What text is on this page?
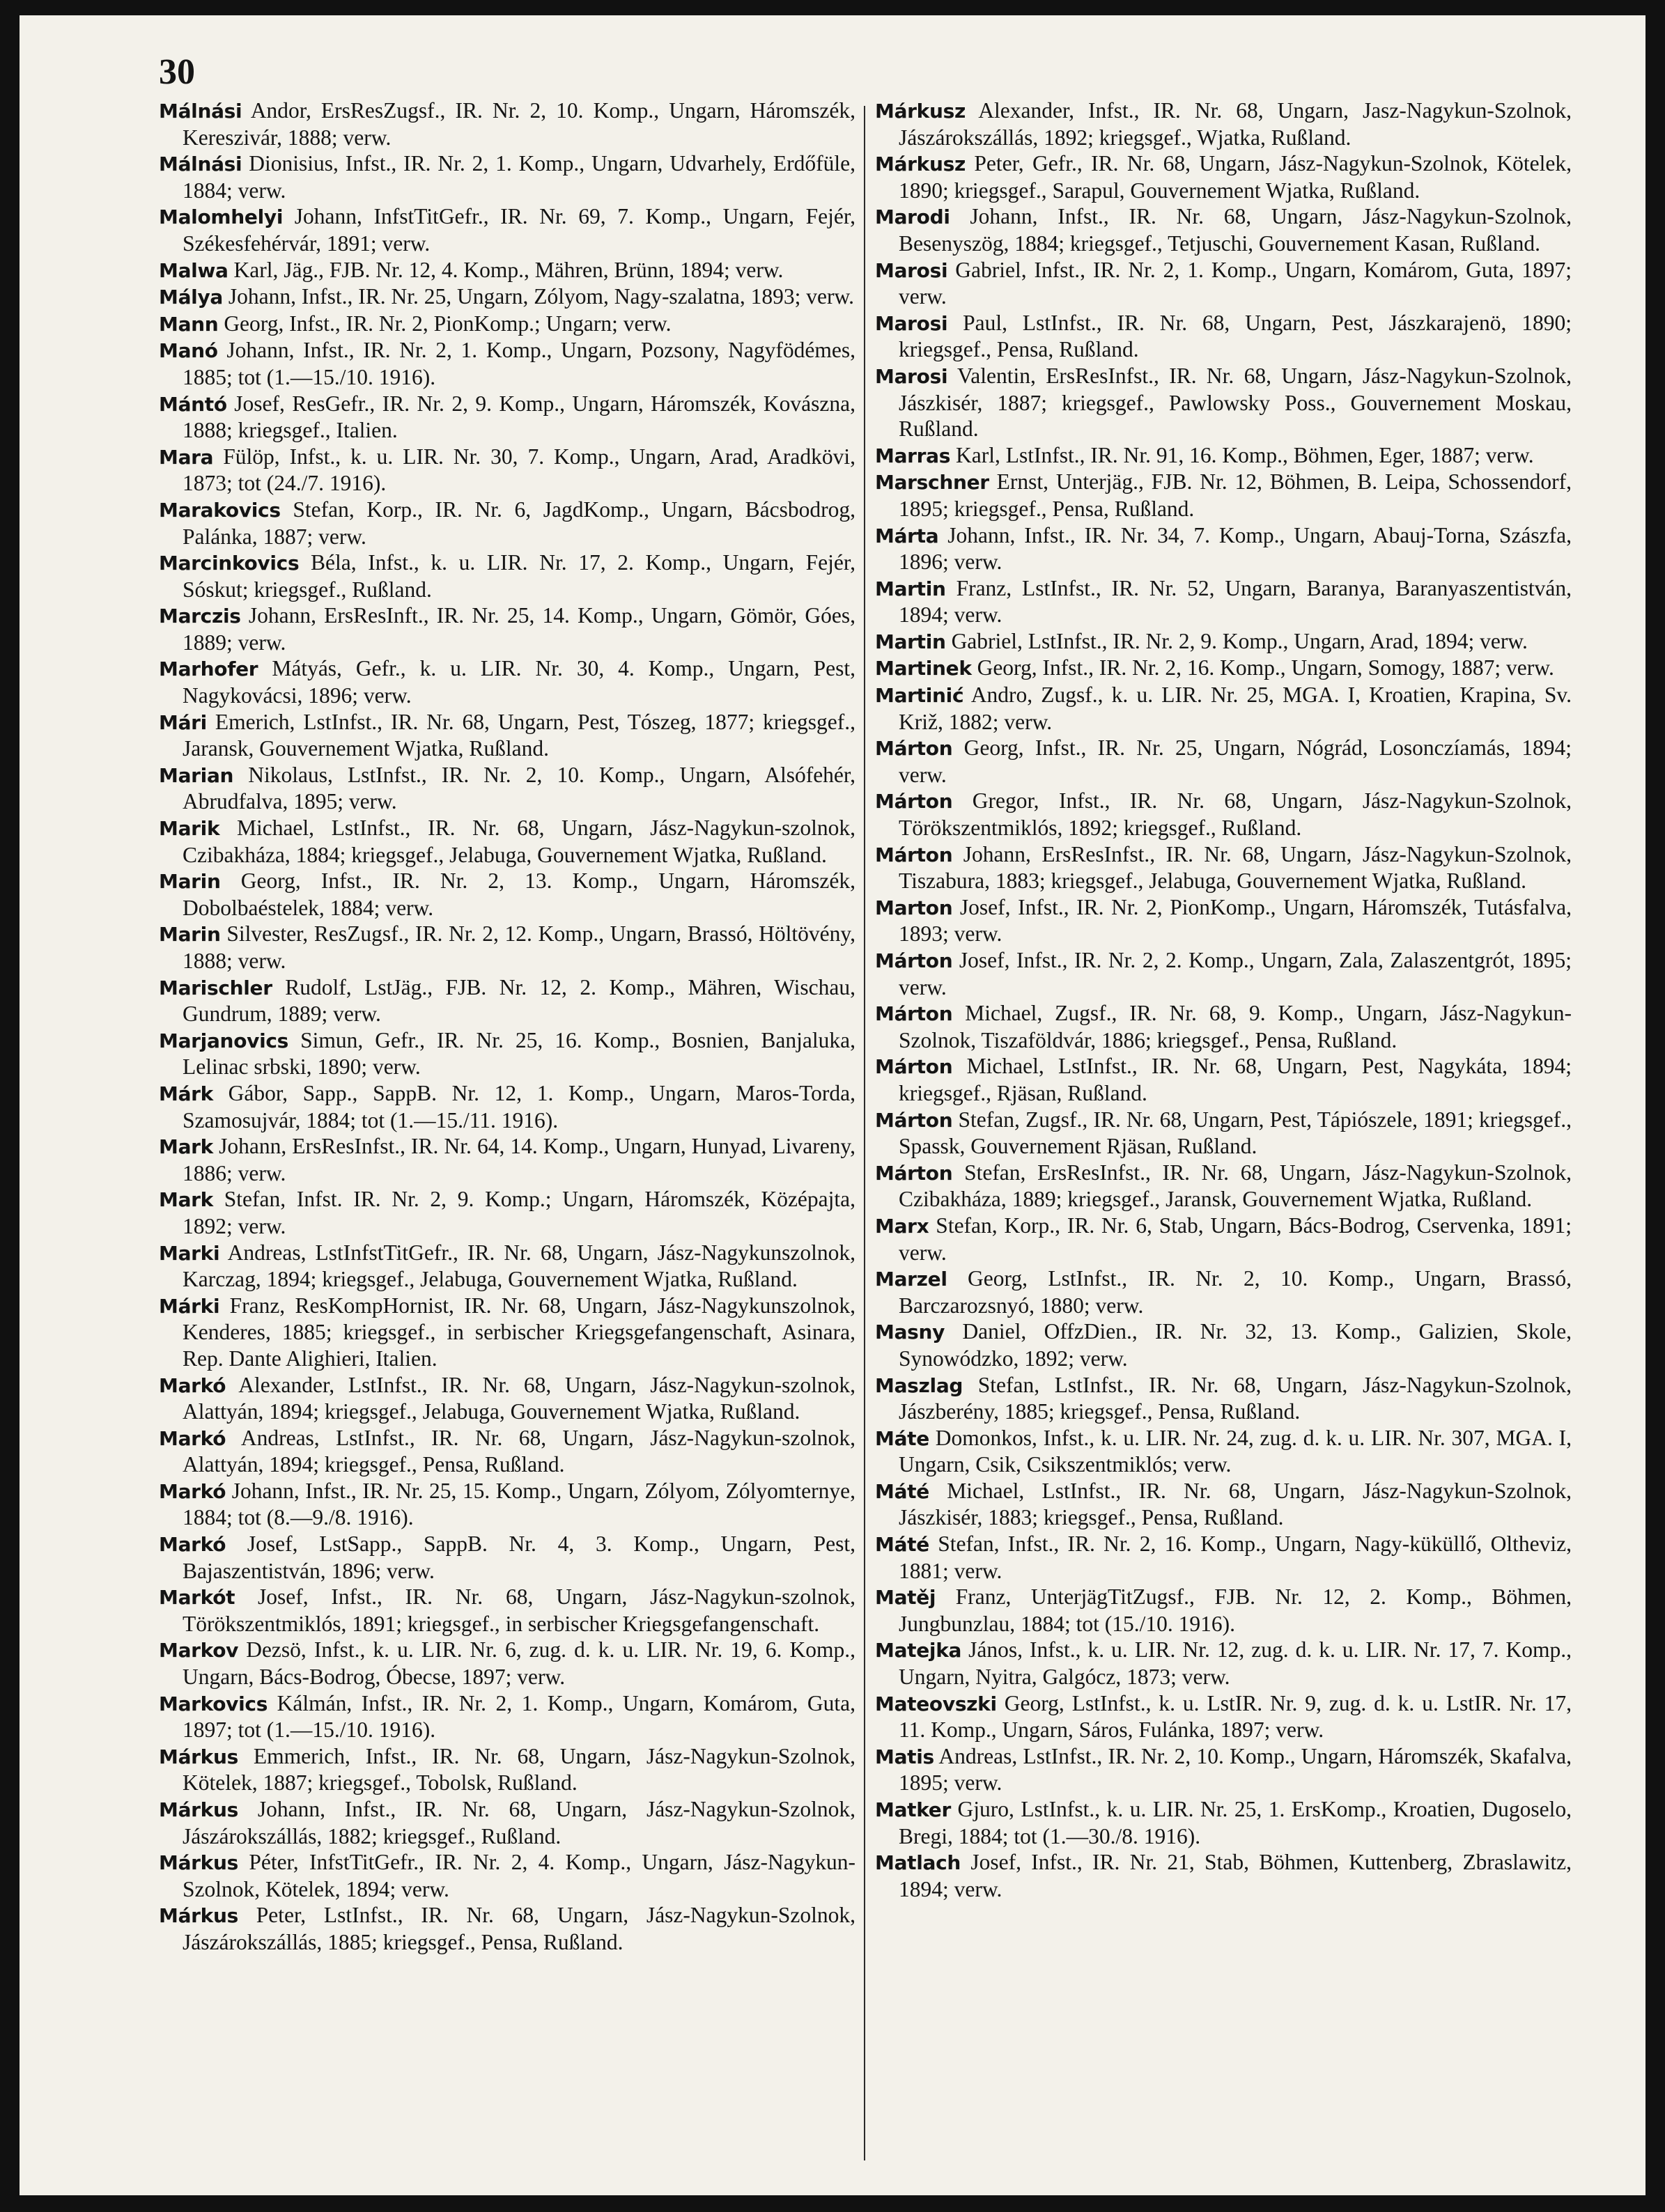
30

Málnási Andor, ErsResZugsf., IR. Nr. 2, 10. Komp., Ungarn, Háromszék, Kereszivár, 1888; verw.

Málnási Dionisius, Infst., IR. Nr. 2, 1. Komp., Ungarn, Udvarhely, Erdőfüle, 1884; verw.

Malomhelyi Johann, InfstTitGefr., IR. Nr. 69, 7. Komp., Ungarn, Fejér, Székesfehérvár, 1891; verw.

Malwa Karl, Jäg., FJB. Nr. 12, 4. Komp., Mähren, Brünn, 1894; verw.

Málya Johann, Infst., IR. Nr. 25, Ungarn, Zólyom, Nagy-szalatna, 1893; verw.

Mann Georg, Infst., IR. Nr. 2, PionKomp.; Ungarn; verw.

Manó Johann, Infst., IR. Nr. 2, 1. Komp., Ungarn, Pozsony, Nagyfödémes, 1885; tot (1.—15./10. 1916).

Mántó Josef, ResGefr., IR. Nr. 2, 9. Komp., Ungarn, Háromszék, Kovászna, 1888; kriegsgef., Italien.

Mara Fülöp, Infst., k. u. LIR. Nr. 30, 7. Komp., Ungarn, Arad, Aradkövi, 1873; tot (24./7. 1916).

Marakovics Stefan, Korp., IR. Nr. 6, JagdKomp., Ungarn, Bácsbodrog, Palánka, 1887; verw.

Marcinkovics Béla, Infst., k. u. LIR. Nr. 17, 2. Komp., Ungarn, Fejér, Sóskut; kriegsgef., Rußland.

Marczis Johann, ErsResInft., IR. Nr. 25, 14. Komp., Ungarn, Gömör, Góes, 1889; verw.

Marhofer Mátyás, Gefr., k. u. LIR. Nr. 30, 4. Komp., Ungarn, Pest, Nagykovácsi, 1896; verw.

Mári Emerich, LstInfst., IR. Nr. 68, Ungarn, Pest, Tószeg, 1877; kriegsgef., Jaransk, Gouvernement Wjatka, Rußland.

Marian Nikolaus, LstInfst., IR. Nr. 2, 10. Komp., Ungarn, Alsófehér, Abrudfalva, 1895; verw.

Marik Michael, LstInfst., IR. Nr. 68, Ungarn, Jász-Nagykun-szolnok, Czibakháza, 1884; kriegsgef., Jelabuga, Gouvernement Wjatka, Rußland.

Marin Georg, Infst., IR. Nr. 2, 13. Komp., Ungarn, Háromszék, Dobolbaéstelek, 1884; verw.

Marin Silvester, ResZugsf., IR. Nr. 2, 12. Komp., Ungarn, Brassó, Höltövény, 1888; verw.

Marischler Rudolf, LstJäg., FJB. Nr. 12, 2. Komp., Mähren, Wischau, Gundrum, 1889; verw.

Marjanovics Simun, Gefr., IR. Nr. 25, 16. Komp., Bosnien, Banjaluka, Lelinac srbski, 1890; verw.

Márk Gábor, Sapp., SappB. Nr. 12, 1. Komp., Ungarn, Maros-Torda, Szamosujvár, 1884; tot (1.—15./11. 1916).

Mark Johann, ErsResInfst., IR. Nr. 64, 14. Komp., Ungarn, Hunyad, Livareny, 1886; verw.

Mark Stefan, Infst. IR. Nr. 2, 9. Komp.; Ungarn, Háromszék, Középajta, 1892; verw.

Marki Andreas, LstInfstTitGefr., IR. Nr. 68, Ungarn, Jász-Nagykunszolnok, Karczag, 1894; kriegsgef., Jelabuga, Gouvernement Wjatka, Rußland.

Márki Franz, ResKompHornist, IR. Nr. 68, Ungarn, Jász-Nagykunszolnok, Kenderes, 1885; kriegsgef., in serbischer Kriegsgefangenschaft, Asinara, Rep. Dante Alighieri, Italien.

Markó Alexander, LstInfst., IR. Nr. 68, Ungarn, Jász-Nagykun-szolnok, Alattyán, 1894; kriegsgef., Jelabuga, Gouvernement Wjatka, Rußland.

Markó Andreas, LstInfst., IR. Nr. 68, Ungarn, Jász-Nagykun-szolnok, Alattyán, 1894; kriegsgef., Pensa, Rußland.

Markó Johann, Infst., IR. Nr. 25, 15. Komp., Ungarn, Zólyom, Zólyomternye, 1884; tot (8.—9./8. 1916).

Markó Josef, LstSapp., SappB. Nr. 4, 3. Komp., Ungarn, Pest, Bajaszentistván, 1896; verw.

Markót Josef, Infst., IR. Nr. 68, Ungarn, Jász-Nagykun-szolnok, Törökszentmiklós, 1891; kriegsgef., in serbischer Kriegsgefangenschaft.

Markov Dezsö, Infst., k. u. LIR. Nr. 6, zug. d. k. u. LIR. Nr. 19, 6. Komp., Ungarn, Bács-Bodrog, Óbecse, 1897; verw.

Markovics Kálmán, Infst., IR. Nr. 2, 1. Komp., Ungarn, Komárom, Guta, 1897; tot (1.—15./10. 1916).

Márkus Emmerich, Infst., IR. Nr. 68, Ungarn, Jász-Nagykun-Szolnok, Kötelek, 1887; kriegsgef., Tobolsk, Rußland.

Márkus Johann, Infst., IR. Nr. 68, Ungarn, Jász-Nagykun-Szolnok, Jászárokszállás, 1882; kriegsgef., Rußland.

Márkus Péter, InfstTitGefr., IR. Nr. 2, 4. Komp., Ungarn, Jász-Nagykun-Szolnok, Kötelek, 1894; verw.

Márkus Peter, LstInfst., IR. Nr. 68, Ungarn, Jász-Nagykun-Szolnok, Jászárokszállás, 1885; kriegsgef., Pensa, Rußland.

Márkusz Alexander, Infst., IR. Nr. 68, Ungarn, Jasz-Nagykun-Szolnok, Jászárokszállás, 1892; kriegsgef., Wjatka, Rußland.

Márkusz Peter, Gefr., IR. Nr. 68, Ungarn, Jász-Nagykun-Szolnok, Kötelek, 1890; kriegsgef., Sarapul, Gouvernement Wjatka, Rußland.

Marodi Johann, Infst., IR. Nr. 68, Ungarn, Jász-Nagykun-Szolnok, Besenyszög, 1884; kriegsgef., Tetjuschi, Gouvernement Kasan, Rußland.

Marosi Gabriel, Infst., IR. Nr. 2, 1. Komp., Ungarn, Komárom, Guta, 1897; verw.

Marosi Paul, LstInfst., IR. Nr. 68, Ungarn, Pest, Jászkarajenö, 1890; kriegsgef., Pensa, Rußland.

Marosi Valentin, ErsResInfst., IR. Nr. 68, Ungarn, Jász-Nagykun-Szolnok, Jászkisér, 1887; kriegsgef., Pawlowsky Poss., Gouvernement Moskau, Rußland.

Marras Karl, LstInfst., IR. Nr. 91, 16. Komp., Böhmen, Eger, 1887; verw.

Marschner Ernst, Unterjäg., FJB. Nr. 12, Böhmen, B. Leipa, Schossendorf, 1895; kriegsgef., Pensa, Rußland.

Márta Johann, Infst., IR. Nr. 34, 7. Komp., Ungarn, Abauj-Torna, Szászfa, 1896; verw.

Martin Franz, LstInfst., IR. Nr. 52, Ungarn, Baranya, Baranyaszentistván, 1894; verw.

Martin Gabriel, LstInfst., IR. Nr. 2, 9. Komp., Ungarn, Arad, 1894; verw.

Martinek Georg, Infst., IR. Nr. 2, 16. Komp., Ungarn, Somogy, 1887; verw.

Martinić Andro, Zugsf., k. u. LIR. Nr. 25, MGA. I, Kroatien, Krapina, Sv. Križ, 1882; verw.

Márton Georg, Infst., IR. Nr. 25, Ungarn, Nógrád, Losonczíamás, 1894; verw.

Márton Gregor, Infst., IR. Nr. 68, Ungarn, Jász-Nagykun-Szolnok, Törökszentmiklós, 1892; kriegsgef., Rußland.

Márton Johann, ErsResInfst., IR. Nr. 68, Ungarn, Jász-Nagykun-Szolnok, Tiszabura, 1883; kriegsgef., Jelabuga, Gouvernement Wjatka, Rußland.

Marton Josef, Infst., IR. Nr. 2, PionKomp., Ungarn, Háromszék, Tutásfalva, 1893; verw.

Márton Josef, Infst., IR. Nr. 2, 2. Komp., Ungarn, Zala, Zalaszentgrót, 1895; verw.

Márton Michael, Zugsf., IR. Nr. 68, 9. Komp., Ungarn, Jász-Nagykun-Szolnok, Tiszaföldvár, 1886; kriegsgef., Pensa, Rußland.

Márton Michael, LstInfst., IR. Nr. 68, Ungarn, Pest, Nagykáta, 1894; kriegsgef., Rjäsan, Rußland.

Márton Stefan, Zugsf., IR. Nr. 68, Ungarn, Pest, Tápiószele, 1891; kriegsgef., Spassk, Gouvernement Rjäsan, Rußland.

Márton Stefan, ErsResInfst., IR. Nr. 68, Ungarn, Jász-Nagykun-Szolnok, Czibakháza, 1889; kriegsgef., Jaransk, Gouvernement Wjatka, Rußland.

Marx Stefan, Korp., IR. Nr. 6, Stab, Ungarn, Bács-Bodrog, Cservenka, 1891; verw.

Marzel Georg, LstInfst., IR. Nr. 2, 10. Komp., Ungarn, Brassó, Barczarozsnyó, 1880; verw.

Masny Daniel, OffzDien., IR. Nr. 32, 13. Komp., Galizien, Skole, Synowódzko, 1892; verw.

Maszlag Stefan, LstInfst., IR. Nr. 68, Ungarn, Jász-Nagykun-Szolnok, Jászberény, 1885; kriegsgef., Pensa, Rußland.

Máte Domonkos, Infst., k. u. LIR. Nr. 24, zug. d. k. u. LIR. Nr. 307, MGA. I, Ungarn, Csik, Csikszentmiklós; verw.

Máté Michael, LstInfst., IR. Nr. 68, Ungarn, Jász-Nagykun-Szolnok, Jászkisér, 1883; kriegsgef., Pensa, Rußland.

Máté Stefan, Infst., IR. Nr. 2, 16. Komp., Ungarn, Nagy-küküllő, Oltheviz, 1881; verw.

Matěj Franz, UnterjägTitZugsf., FJB. Nr. 12, 2. Komp., Böhmen, Jungbunzlau, 1884; tot (15./10. 1916).

Matejka János, Infst., k. u. LIR. Nr. 12, zug. d. k. u. LIR. Nr. 17, 7. Komp., Ungarn, Nyitra, Galgócz, 1873; verw.

Mateovszki Georg, LstInfst., k. u. LstIR. Nr. 9, zug. d. k. u. LstIR. Nr. 17, 11. Komp., Ungarn, Sáros, Fulánka, 1897; verw.

Matis Andreas, LstInfst., IR. Nr. 2, 10. Komp., Ungarn, Háromszék, Skafalva, 1895; verw.

Matker Gjuro, LstInfst., k. u. LIR. Nr. 25, 1. ErsKomp., Kroatien, Dugoselo, Bregi, 1884; tot (1.—30./8. 1916).

Matlach Josef, Infst., IR. Nr. 21, Stab, Böhmen, Kuttenberg, Zbraslawitz, 1894; verw.
